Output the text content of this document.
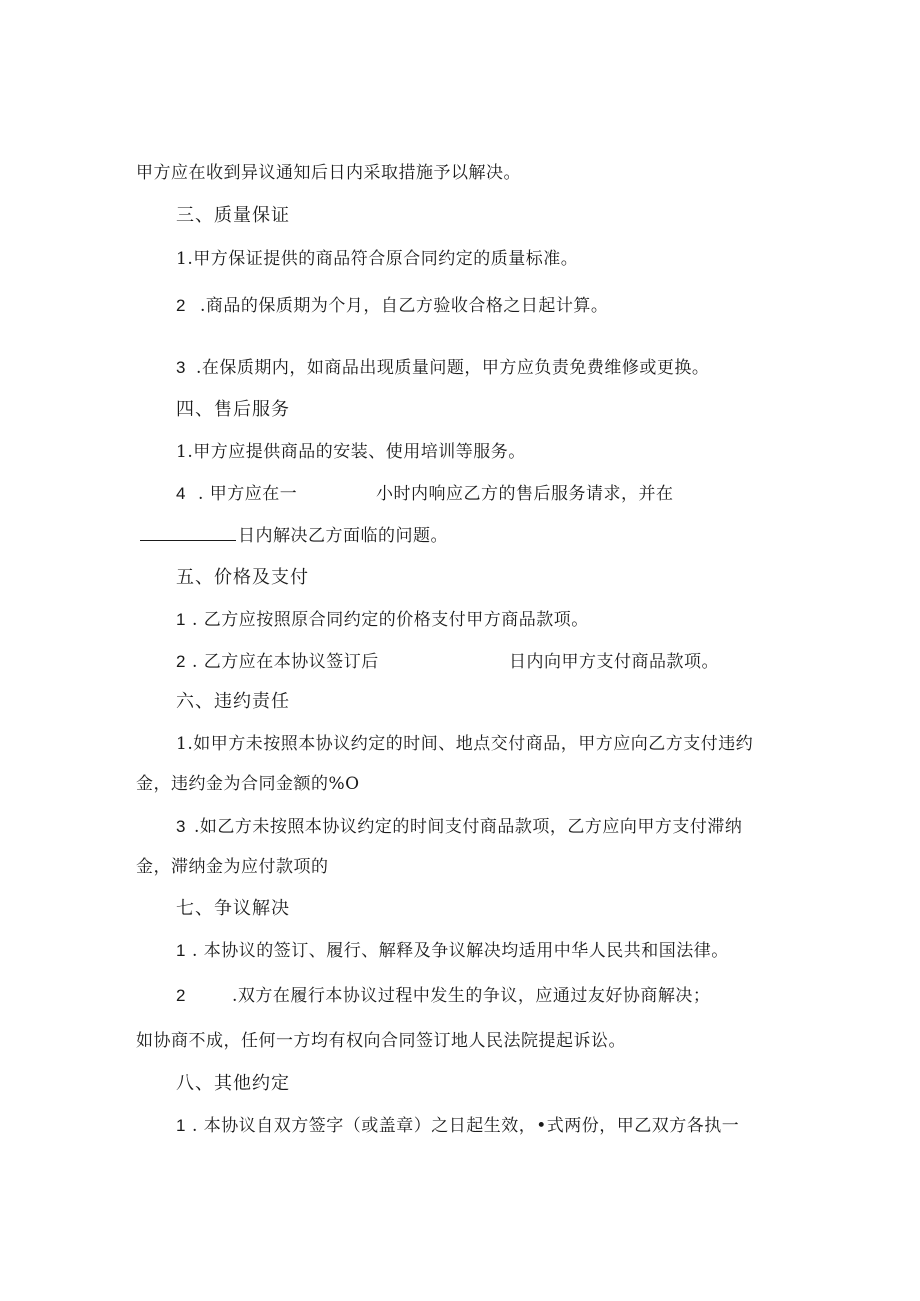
甲方应在收到异议通知后日内采取措施予以解决。
三、质量保证
1.甲方保证提供的商品符合原合同约定的质量标准。
2 .商品的保质期为个月，自乙方验收合格之日起计算。
3 .在保质期内，如商品出现质量问题，甲方应负责免费维修或更换。
四、售后服务
1.甲方应提供商品的安装、使用培训等服务。
4 . 甲方应在一	小时内响应乙方的售后服务请求，并在
日内解决乙方面临的问题。
五、价格及支付
1 . 乙方应按照原合同约定的价格支付甲方商品款项。
2 . 乙方应在本协议签订后	日内向甲方支付商品款项。
六、违约责任
1.如甲方未按照本协议约定的时间、地点交付商品，甲方应向乙方支付违约
金，违约金为合同金额的%O
3 .如乙方未按照本协议约定的时间支付商品款项，乙方应向甲方支付滞纳
金，滞纳金为应付款项的
七、争议解决
1 . 本协议的签订、履行、解释及争议解决均适用中华人民共和国法律。
2	.双方在履行本协议过程中发生的争议，应通过友好协商解决；
如协商不成，任何一方均有权向合同签订地人民法院提起诉讼。
八、其他约定
1 . 本协议自双方签字（或盖章）之日起生效，•式两份，甲乙双方各执一
